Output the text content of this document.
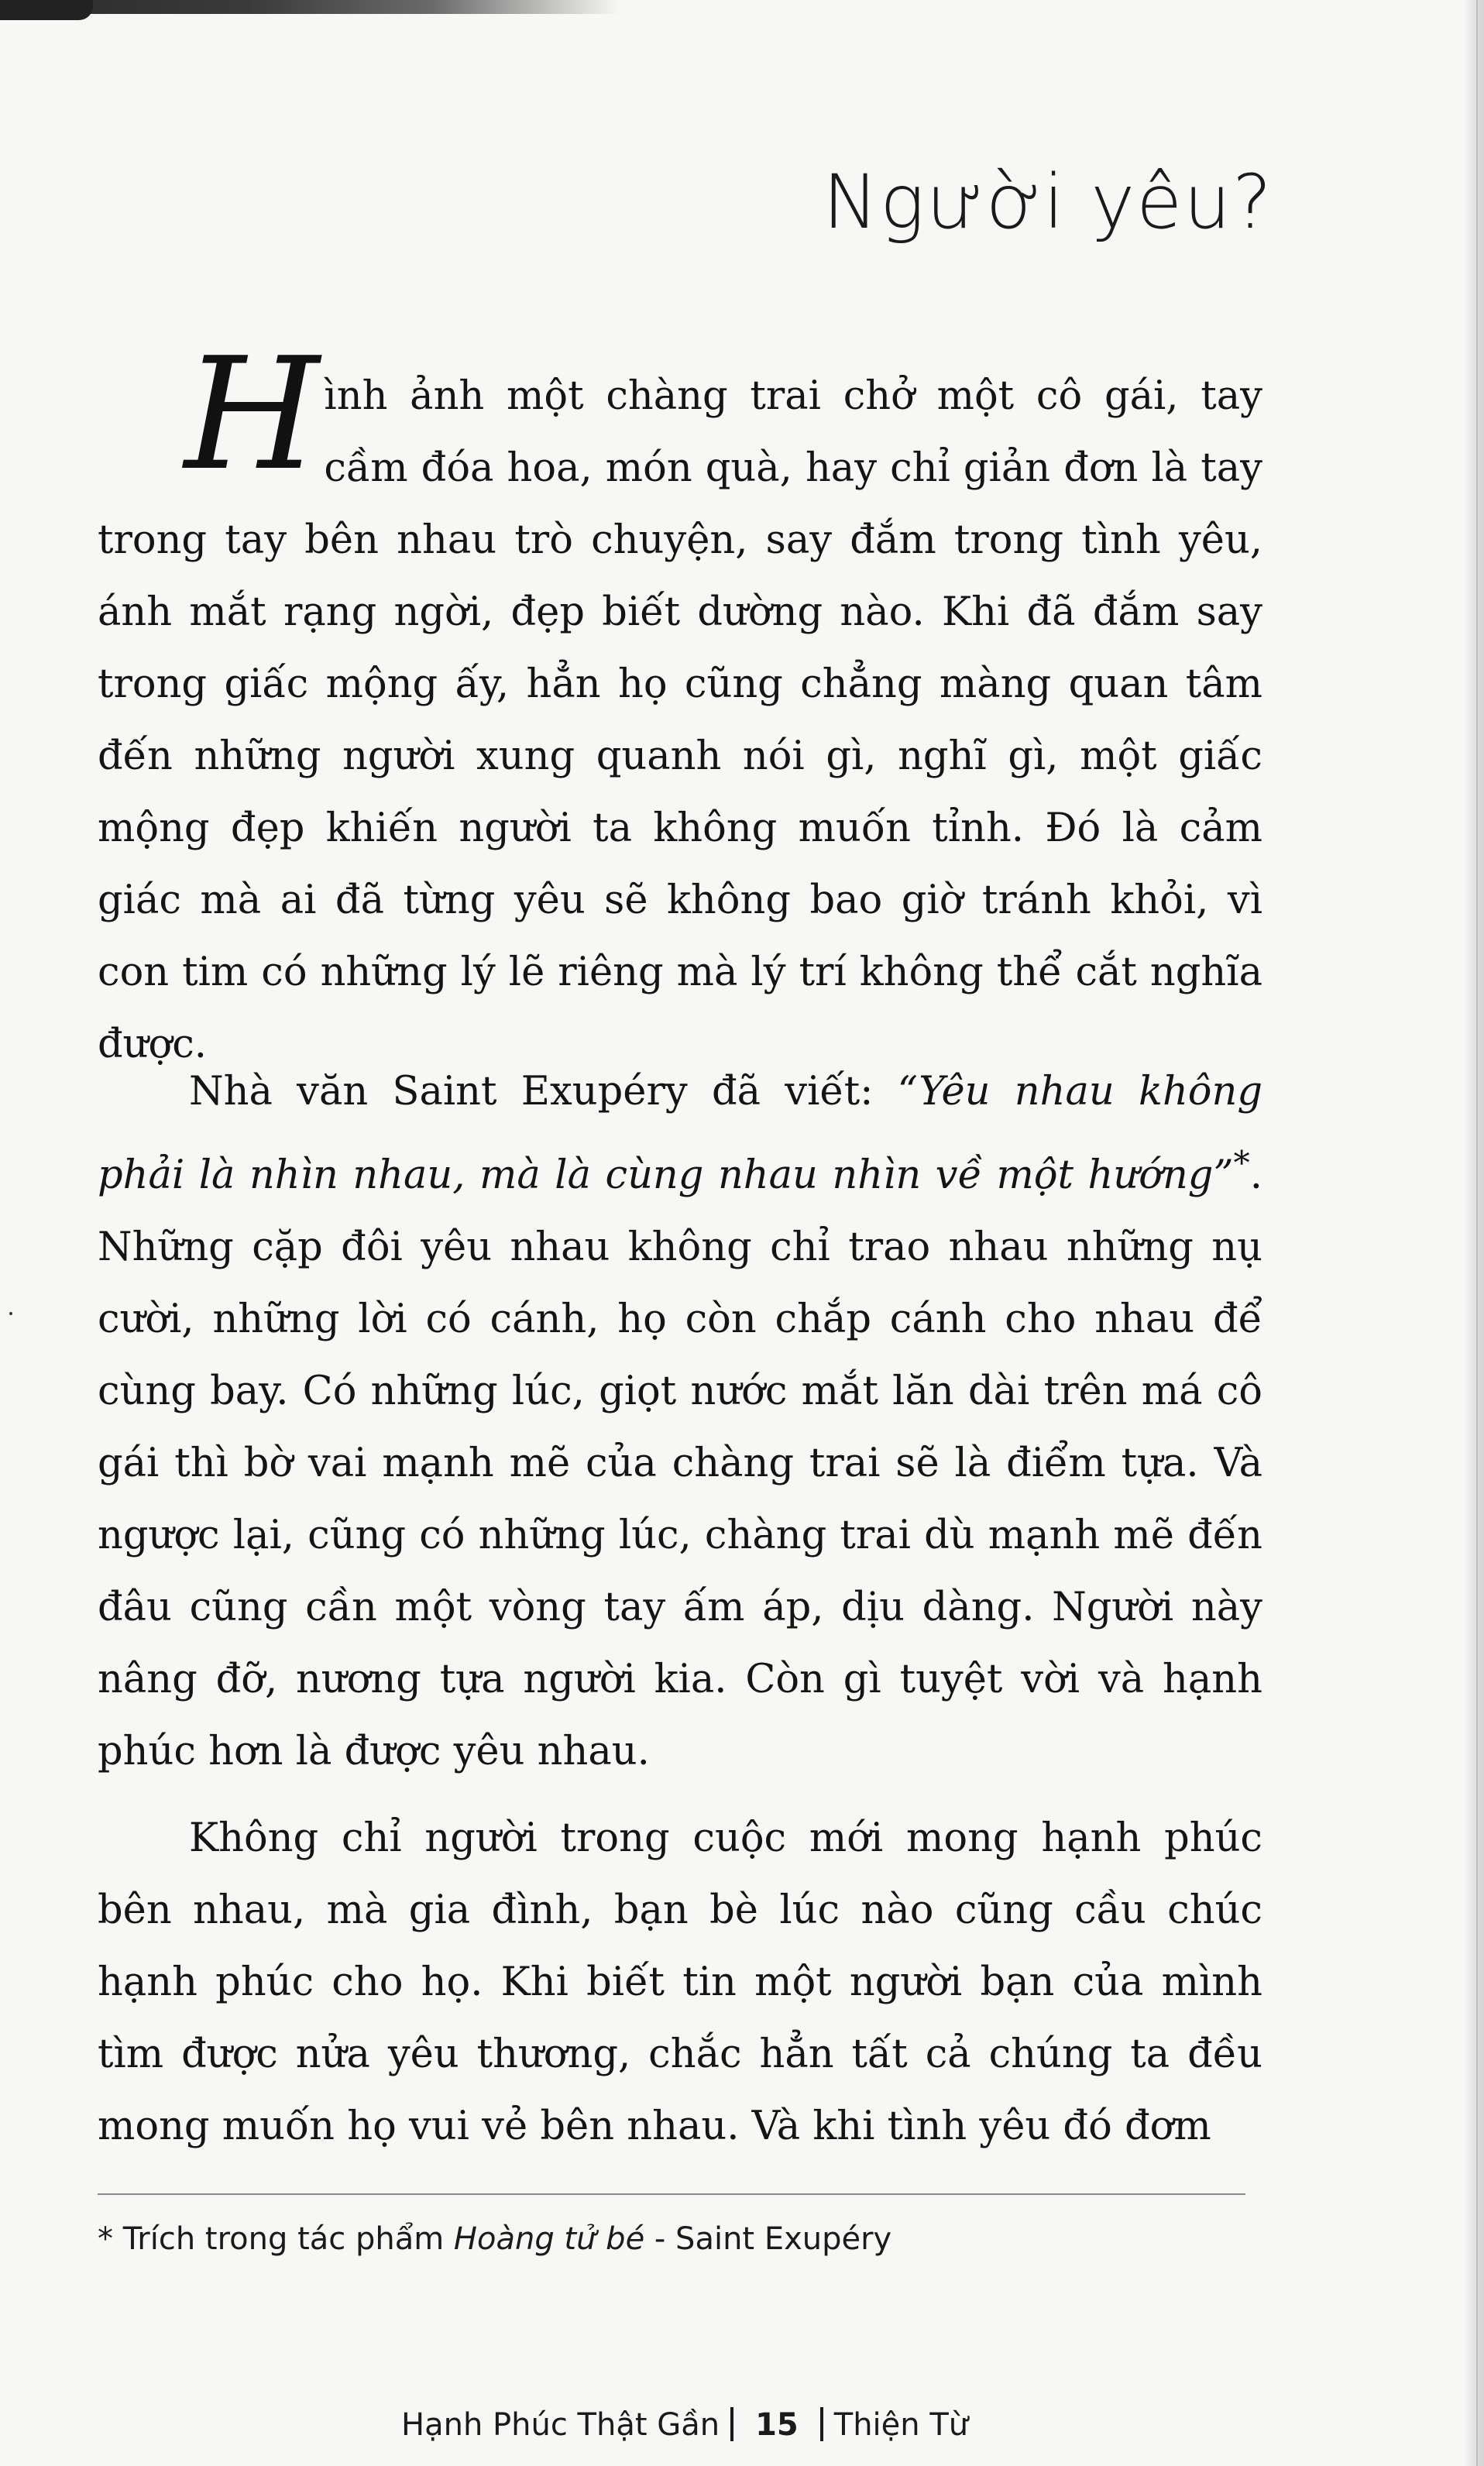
Người yêu?

Hình ảnh một chàng trai chở một cô gái, tay cầm đóa hoa, món quà, hay chỉ giản đơn là tay trong tay bên nhau trò chuyện, say đắm trong tình yêu, ánh mắt rạng ngời, đẹp biết dường nào. Khi đã đắm say trong giấc mộng ấy, hẳn họ cũng chẳng màng quan tâm đến những người xung quanh nói gì, nghĩ gì, một giấc mộng đẹp khiến người ta không muốn tỉnh. Đó là cảm giác mà ai đã từng yêu sẽ không bao giờ tránh khỏi, vì con tim có những lý lẽ riêng mà lý trí không thể cắt nghĩa được.

Nhà văn Saint Exupéry đã viết: “Yêu nhau không phải là nhìn nhau, mà là cùng nhau nhìn về một hướng”*. Những cặp đôi yêu nhau không chỉ trao nhau những nụ cười, những lời có cánh, họ còn chắp cánh cho nhau để cùng bay. Có những lúc, giọt nước mắt lăn dài trên má cô gái thì bờ vai mạnh mẽ của chàng trai sẽ là điểm tựa. Và ngược lại, cũng có những lúc, chàng trai dù mạnh mẽ đến đâu cũng cần một vòng tay ấm áp, dịu dàng. Người này nâng đỡ, nương tựa người kia. Còn gì tuyệt vời và hạnh phúc hơn là được yêu nhau.

Không chỉ người trong cuộc mới mong hạnh phúc bên nhau, mà gia đình, bạn bè lúc nào cũng cầu chúc hạnh phúc cho họ. Khi biết tin một người bạn của mình tìm được nửa yêu thương, chắc hẳn tất cả chúng ta đều mong muốn họ vui vẻ bên nhau. Và khi tình yêu đó đơm

* Trích trong tác phẩm Hoàng tử bé - Saint Exupéry

Hạnh Phúc Thật Gần 15 Thiện Từ
